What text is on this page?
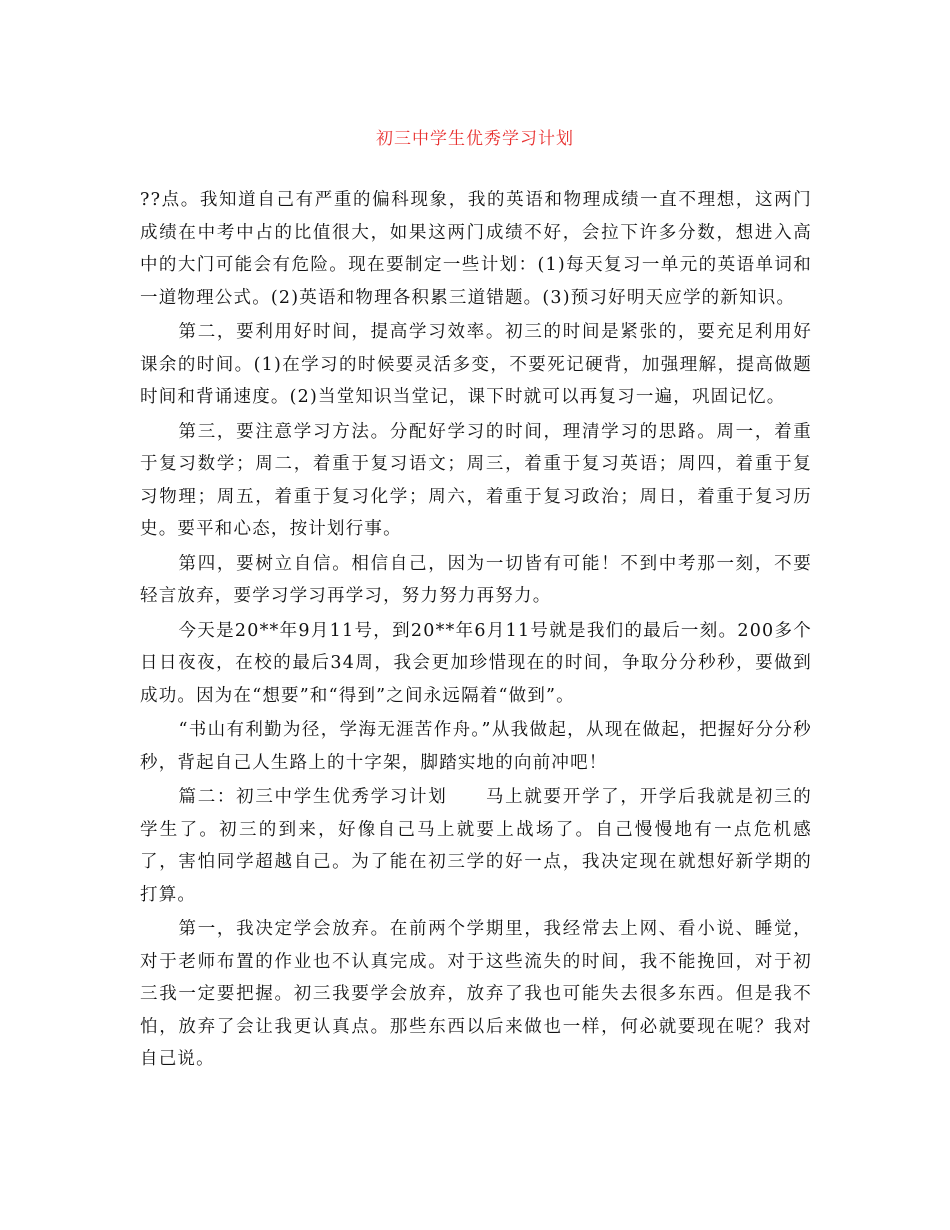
初三中学生优秀学习计划

??点。我知道自己有严重的偏科现象，我的英语和物理成绩一直不理想，这两门成绩在中考中占的比值很大，如果这两门成绩不好，会拉下许多分数，想进入高中的大门可能会有危险。现在要制定一些计划：(1)每天复习一单元的英语单词和一道物理公式。(2)英语和物理各积累三道错题。(3)预习好明天应学的新知识。

第二，要利用好时间，提高学习效率。初三的时间是紧张的，要充足利用好课余的时间。(1)在学习的时候要灵活多变，不要死记硬背，加强理解，提高做题时间和背诵速度。(2)当堂知识当堂记，课下时就可以再复习一遍，巩固记忆。

第三，要注意学习方法。分配好学习的时间，理清学习的思路。周一，着重于复习数学；周二，着重于复习语文；周三，着重于复习英语；周四，着重于复习物理；周五，着重于复习化学；周六，着重于复习政治；周日，着重于复习历史。要平和心态，按计划行事。

第四，要树立自信。相信自己，因为一切皆有可能！不到中考那一刻，不要轻言放弃，要学习学习再学习，努力努力再努力。

今天是20**年9月11号，到20**年6月11号就是我们的最后一刻。200多个日日夜夜，在校的最后34周，我会更加珍惜现在的时间，争取分分秒秒，要做到成功。因为在“想要”和“得到”之间永远隔着“做到”。

“书山有利勤为径，学海无涯苦作舟。”从我做起，从现在做起，把握好分分秒秒，背起自己人生路上的十字架，脚踏实地的向前冲吧！

篇二：初三中学生优秀学习计划　　马上就要开学了，开学后我就是初三的学生了。初三的到来，好像自己马上就要上战场了。自己慢慢地有一点危机感了，害怕同学超越自己。为了能在初三学的好一点，我决定现在就想好新学期的打算。

第一，我决定学会放弃。在前两个学期里，我经常去上网、看小说、睡觉，对于老师布置的作业也不认真完成。对于这些流失的时间，我不能挽回，对于初三我一定要把握。初三我要学会放弃，放弃了我也可能失去很多东西。但是我不怕，放弃了会让我更认真点。那些东西以后来做也一样，何必就要现在呢？我对自己说。
